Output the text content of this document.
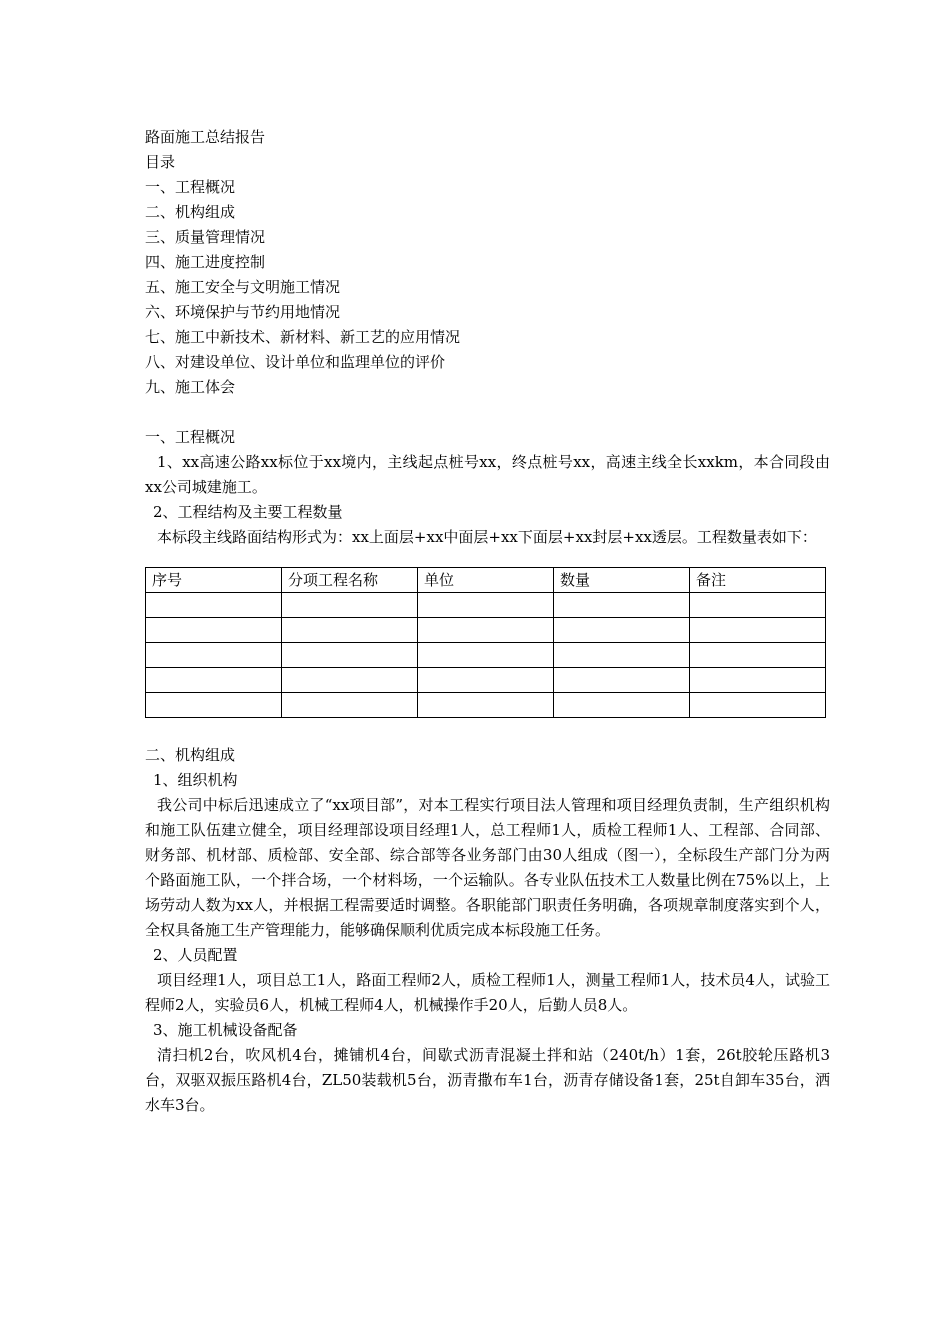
路面施工总结报告
目录
一、工程概况
二、机构组成
三、质量管理情况
四、施工进度控制
五、施工安全与文明施工情况
六、环境保护与节约用地情况
七、施工中新技术、新材料、新工艺的应用情况
八、对建设单位、设计单位和监理单位的评价
九、施工体会
一、工程概况
1、xx高速公路xx标位于xx境内，主线起点桩号xx，终点桩号xx，高速主线全长xxkm，本合同段由xx公司城建施工。
2、工程结构及主要工程数量
本标段主线路面结构形式为：xx上面层+xx中面层+xx下面层+xx封层+xx透层。工程数量表如下：
序号	分项工程名称	单位	数量	备注

二、机构组成
1、组织机构
我公司中标后迅速成立了“xx项目部”，对本工程实行项目法人管理和项目经理负责制，生产组织机构和施工队伍建立健全，项目经理部设项目经理1人，总工程师1人，质检工程师1人、工程部、合同部、财务部、机材部、质检部、安全部、综合部等各业务部门由30人组成（图一），全标段生产部门分为两个路面施工队，一个拌合场，一个材料场，一个运输队。各专业队伍技术工人数量比例在75%以上，上场劳动人数为xx人，并根据工程需要适时调整。各职能部门职责任务明确，各项规章制度落实到个人，全权具备施工生产管理能力，能够确保顺利优质完成本标段施工任务。
2、人员配置
项目经理1人，项目总工1人，路面工程师2人，质检工程师1人，测量工程师1人，技术员4人，试验工程师2人，实验员6人，机械工程师4人，机械操作手20人，后勤人员8人。
3、施工机械设备配备
清扫机2台，吹风机4台，摊铺机4台，间歇式沥青混凝土拌和站（240t/h）1套，26t胶轮压路机3台，双驱双振压路机4台，ZL50装载机5台，沥青撒布车1台，沥青存储设备1套，25t自卸车35台，洒水车3台。
